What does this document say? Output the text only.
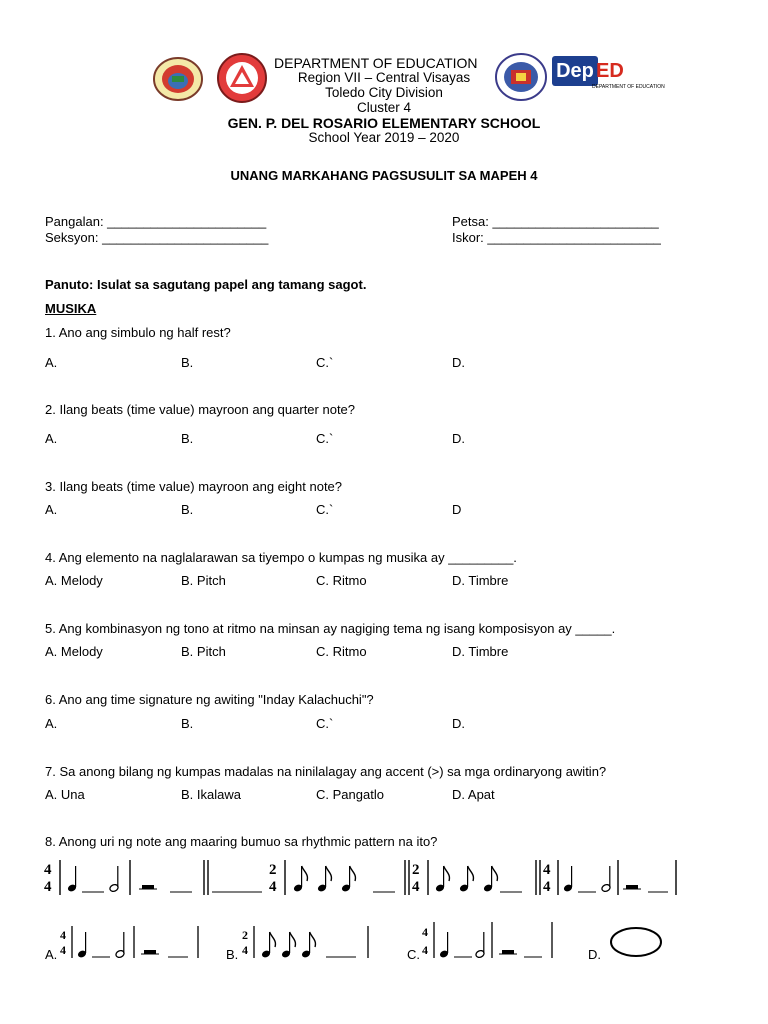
Dep ED
DEPARTMENT OF EDUCATION
DEPARTMENT OF EDUCATION
Region VII – Central Visayas
Toledo City Division
Cluster 4
GEN. P. DEL ROSARIO ELEMENTARY SCHOOL
School Year 2019 – 2020
UNANG MARKAHANG PAGSUSULIT SA MAPEH 4
Pangalan: ______________________
Seksyon: _______________________
Petsa: _______________________
Iskor: ________________________
Panuto: Isulat sa sagutang papel ang tamang sagot.
MUSIKA
1. Ano ang simbulo ng half rest?
A.	B.	C.`	D.
2. Ilang beats (time value) mayroon ang quarter note?
A.	B.	C.`	D.
3. Ilang beats (time value) mayroon ang eight note?
A.	B.	C.`	D
4. Ang elemento na naglalarawan sa tiyempo o kumpas ng musika ay _________.
A. Melody	B. Pitch	C. Ritmo	D. Timbre
5. Ang kombinasyon ng tono at ritmo na minsan ay nagiging tema ng isang komposisyon ay _____.
A. Melody	B. Pitch	C. Ritmo	D. Timbre
6. Ano ang time signature ng awiting "Inday Kalachuchi"?
A.	B.	C.`	D.
7. Sa anong bilang ng kumpas madalas na ninilalagay ang accent (>) sa mga ordinaryong awitin?
A. Una	B. Ikalawa	C. Pangatlo	D. Apat
8. Anong uri ng note ang maaring bumuo sa rhythmic pattern na ito?
4
4
2
4
2
4
4
4
A.
4
4	B.
2
4	C.
4
4	D.
